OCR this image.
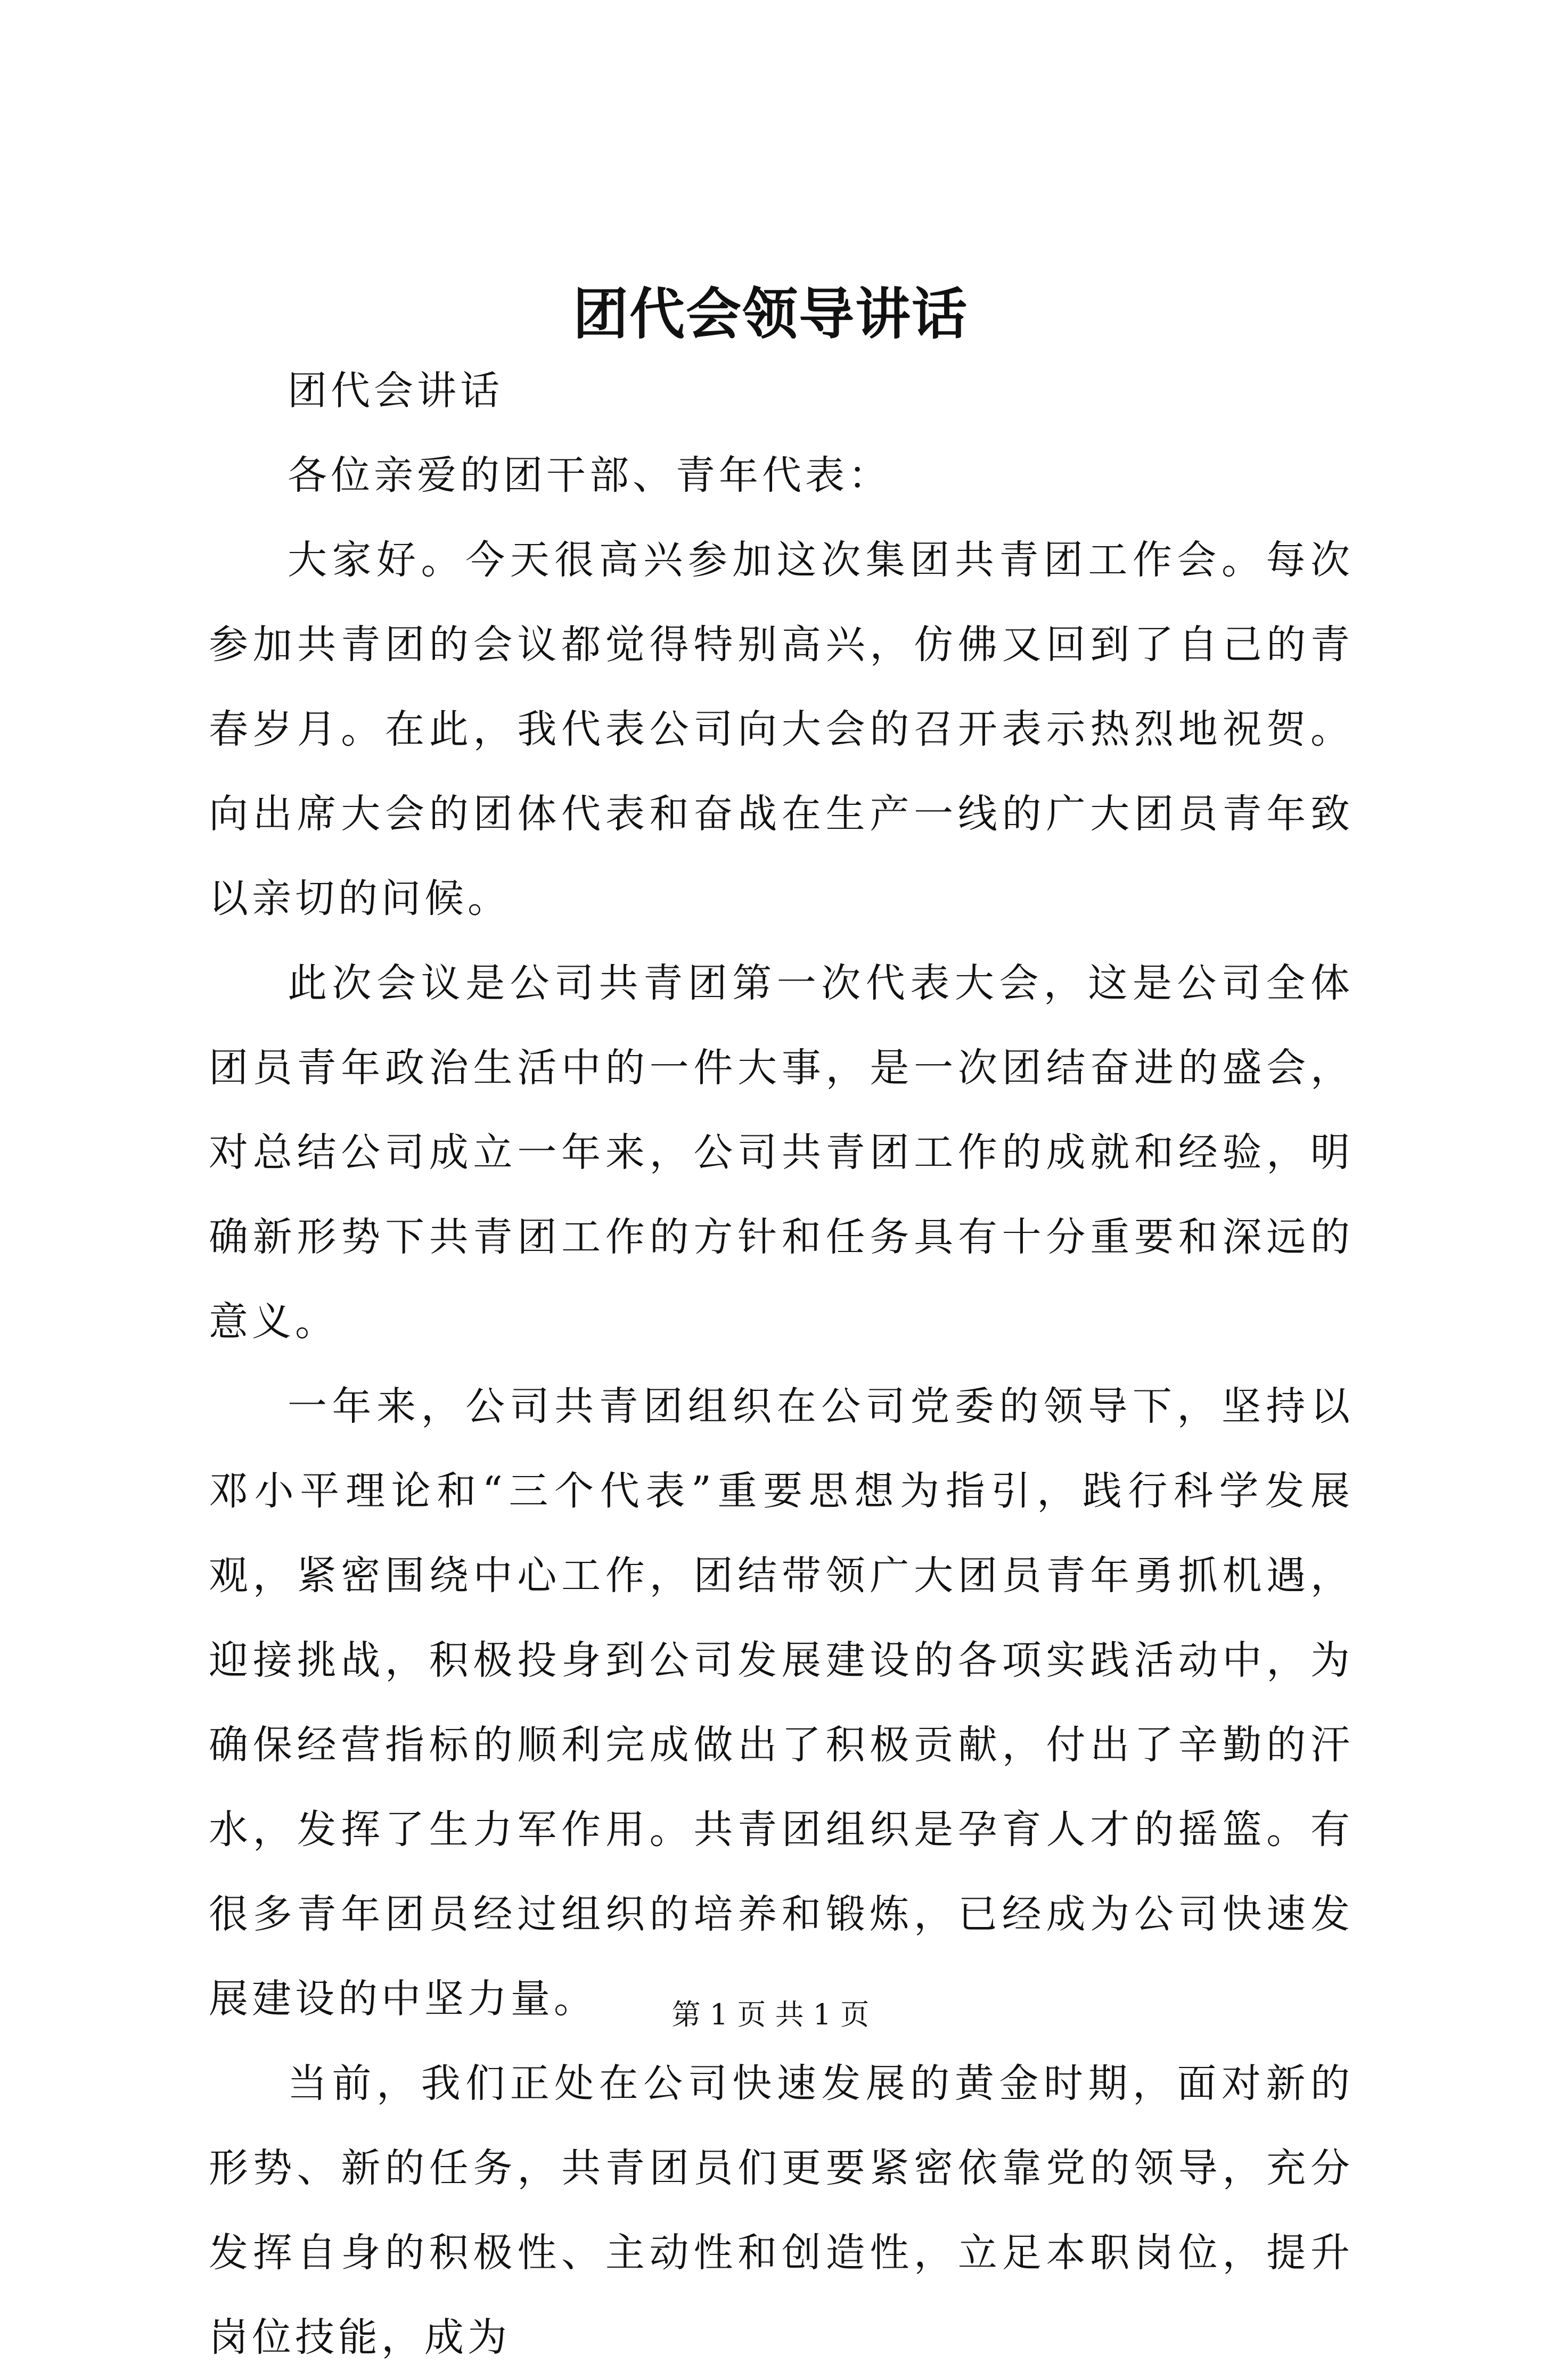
团代会领导讲话

团代会讲话

各位亲爱的团干部、青年代表：

大家好。今天很高兴参加这次集团共青团工作会。每次参加共青团的会议都觉得特别高兴，仿佛又回到了自己的青春岁月。在此，我代表公司向大会的召开表示热烈地祝贺。向出席大会的团体代表和奋战在生产一线的广大团员青年致以亲切的问候。

此次会议是公司共青团第一次代表大会，这是公司全体团员青年政治生活中的一件大事，是一次团结奋进的盛会，对总结公司成立一年来，公司共青团工作的成就和经验，明确新形势下共青团工作的方针和任务具有十分重要和深远的意义。

一年来，公司共青团组织在公司党委的领导下，坚持以邓小平理论和“三个代表”重要思想为指引，践行科学发展观，紧密围绕中心工作，团结带领广大团员青年勇抓机遇，迎接挑战，积极投身到公司发展建设的各项实践活动中，为确保经营指标的顺利完成做出了积极贡献，付出了辛勤的汗水，发挥了生力军作用。共青团组织是孕育人才的摇篮。有很多青年团员经过组织的培养和锻炼，已经成为公司快速发展建设的中坚力量。

当前，我们正处在公司快速发展的黄金时期，面对新的形势、新的任务，共青团员们更要紧密依靠党的领导，充分发挥自身的积极性、主动性和创造性，立足本职岗位，提升岗位技能，成为

第 1 页 共 1 页
